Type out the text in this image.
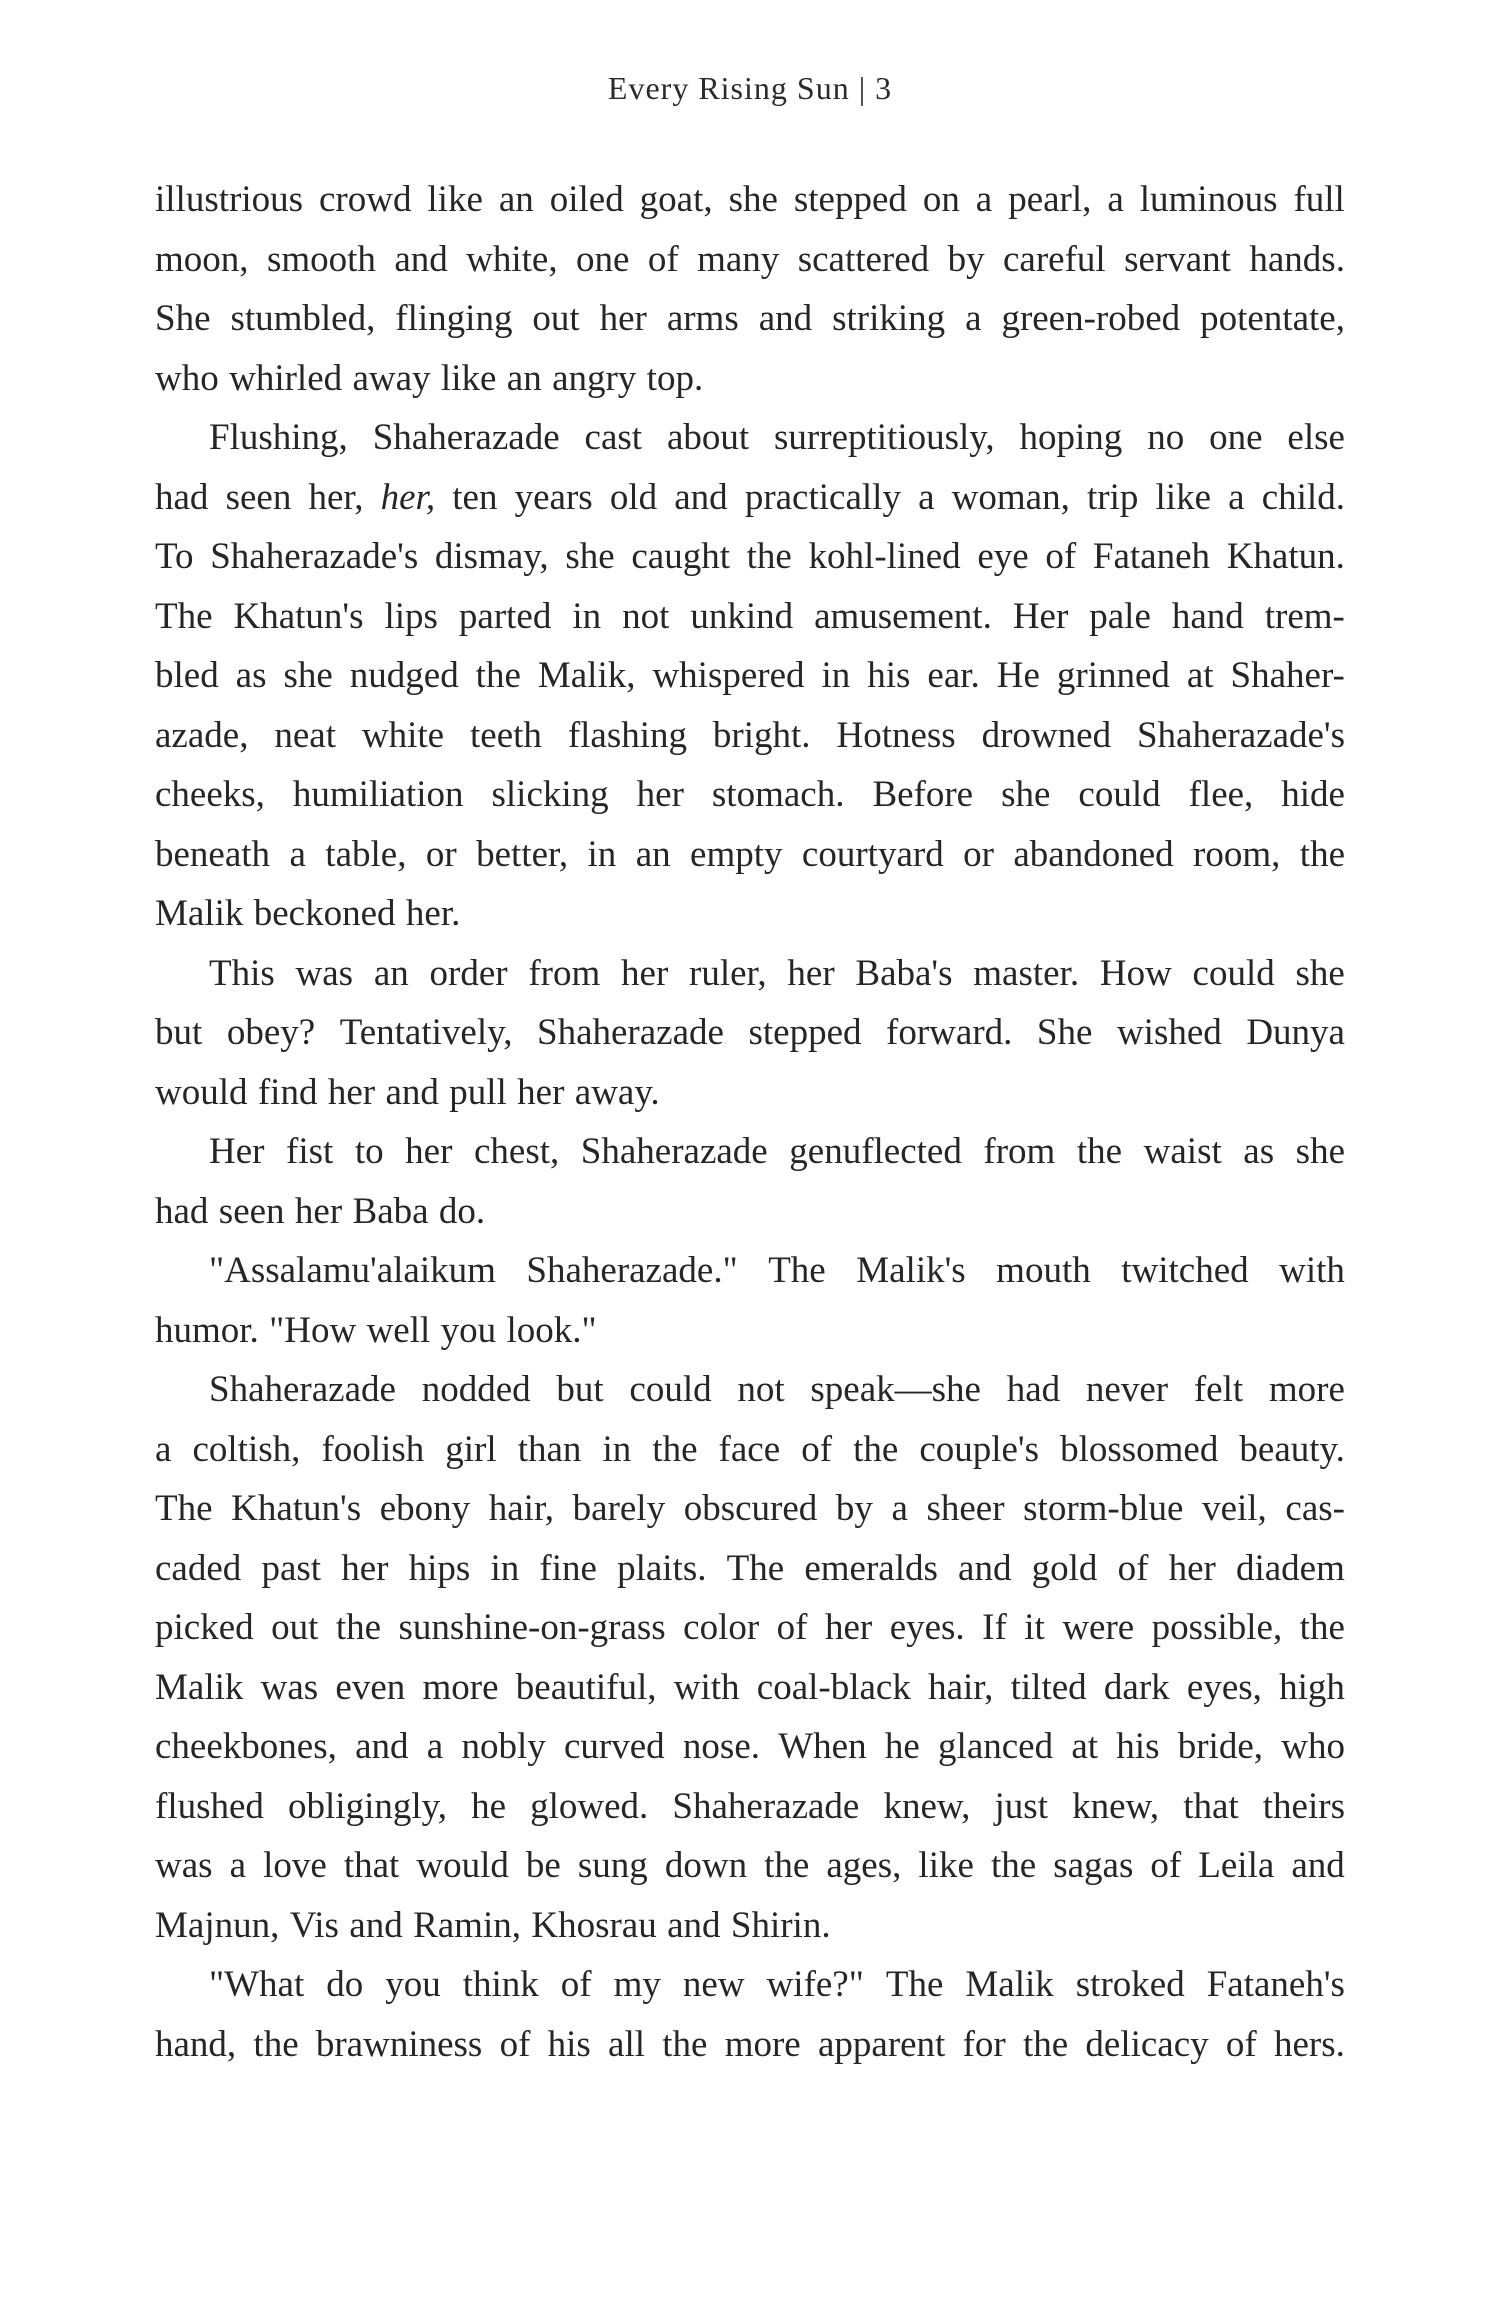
Every Rising Sun | 3
illustrious crowd like an oiled goat, she stepped on a pearl, a luminous full
moon, smooth and white, one of many scattered by careful servant hands.
She stumbled, flinging out her arms and striking a green-robed potentate,
who whirled away like an angry top.
Flushing, Shaherazade cast about surreptitiously, hoping no one else
had seen her, her, ten years old and practically a woman, trip like a child.
To Shaherazade's dismay, she caught the kohl-lined eye of Fataneh Khatun.
The Khatun's lips parted in not unkind amusement. Her pale hand trem-
bled as she nudged the Malik, whispered in his ear. He grinned at Shaher-
azade, neat white teeth flashing bright. Hotness drowned Shaherazade's
cheeks, humiliation slicking her stomach. Before she could flee, hide
beneath a table, or better, in an empty courtyard or abandoned room, the
Malik beckoned her.
This was an order from her ruler, her Baba's master. How could she
but obey? Tentatively, Shaherazade stepped forward. She wished Dunya
would find her and pull her away.
Her fist to her chest, Shaherazade genuflected from the waist as she
had seen her Baba do.
"Assalamu'alaikum Shaherazade." The Malik's mouth twitched with
humor. "How well you look."
Shaherazade nodded but could not speak—she had never felt more
a coltish, foolish girl than in the face of the couple's blossomed beauty.
The Khatun's ebony hair, barely obscured by a sheer storm-blue veil, cas-
caded past her hips in fine plaits. The emeralds and gold of her diadem
picked out the sunshine-on-grass color of her eyes. If it were possible, the
Malik was even more beautiful, with coal-black hair, tilted dark eyes, high
cheekbones, and a nobly curved nose. When he glanced at his bride, who
flushed obligingly, he glowed. Shaherazade knew, just knew, that theirs
was a love that would be sung down the ages, like the sagas of Leila and
Majnun, Vis and Ramin, Khosrau and Shirin.
"What do you think of my new wife?" The Malik stroked Fataneh's
hand, the brawniness of his all the more apparent for the delicacy of hers.
